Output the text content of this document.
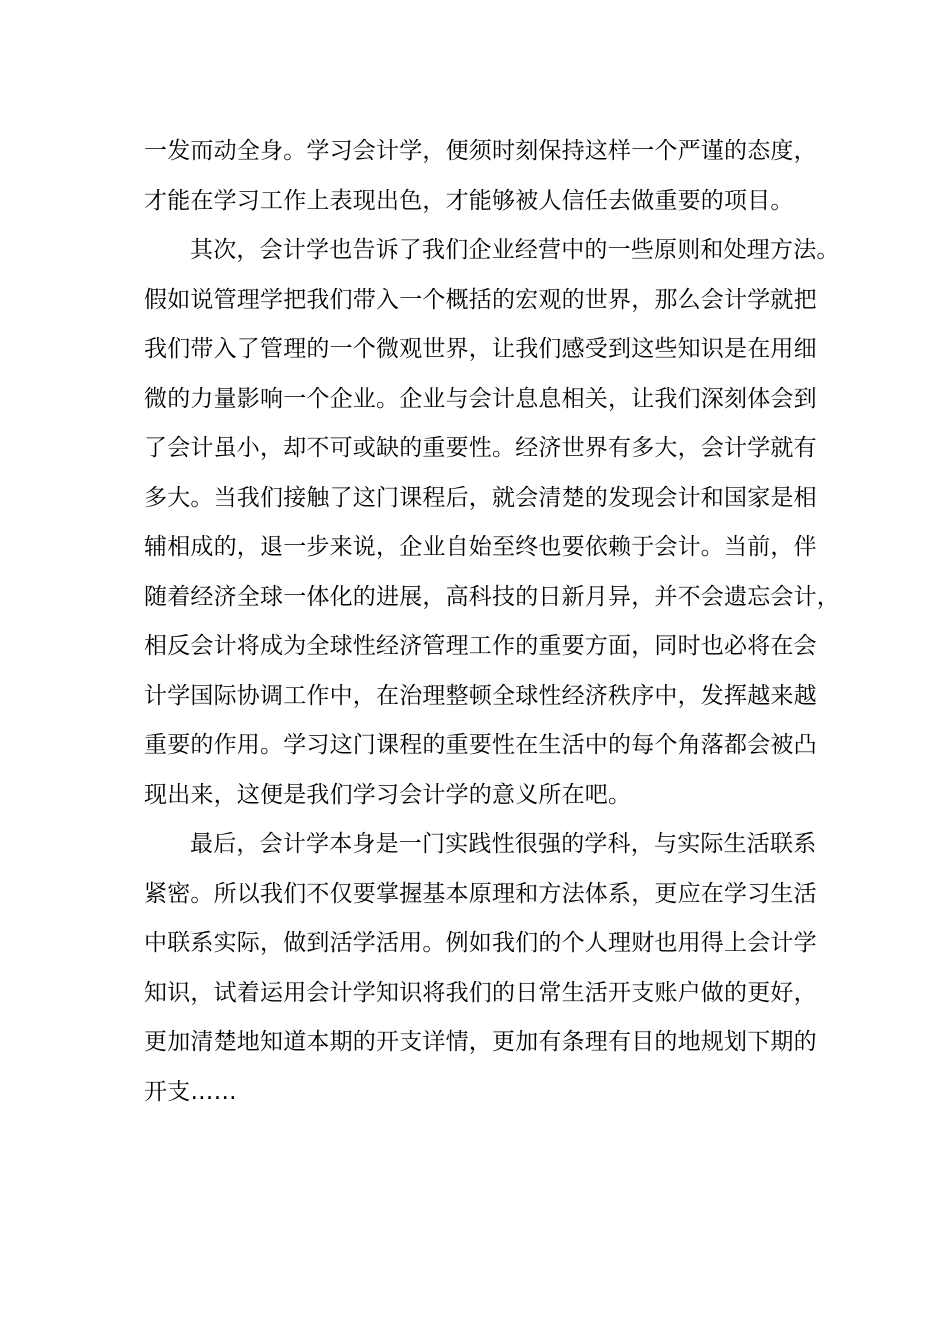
一发而动全身。学习会计学，便须时刻保持这样一个严谨的态度，
才能在学习工作上表现出色，才能够被人信任去做重要的项目。
其次，会计学也告诉了我们企业经营中的一些原则和处理方法。
假如说管理学把我们带入一个概括的宏观的世界，那么会计学就把
我们带入了管理的一个微观世界，让我们感受到这些知识是在用细
微的力量影响一个企业。企业与会计息息相关，让我们深刻体会到
了会计虽小，却不可或缺的重要性。经济世界有多大，会计学就有
多大。当我们接触了这门课程后，就会清楚的发现会计和国家是相
辅相成的，退一步来说，企业自始至终也要依赖于会计。当前，伴
随着经济全球一体化的进展，高科技的日新月异，并不会遗忘会计，
相反会计将成为全球性经济管理工作的重要方面，同时也必将在会
计学国际协调工作中，在治理整顿全球性经济秩序中，发挥越来越
重要的作用。学习这门课程的重要性在生活中的每个角落都会被凸
现出来，这便是我们学习会计学的意义所在吧。
最后，会计学本身是一门实践性很强的学科，与实际生活联系
紧密。所以我们不仅要掌握基本原理和方法体系，更应在学习生活
中联系实际，做到活学活用。例如我们的个人理财也用得上会计学
知识，试着运用会计学知识将我们的日常生活开支账户做的更好，
更加清楚地知道本期的开支详情，更加有条理有目的地规划下期的
开支……
